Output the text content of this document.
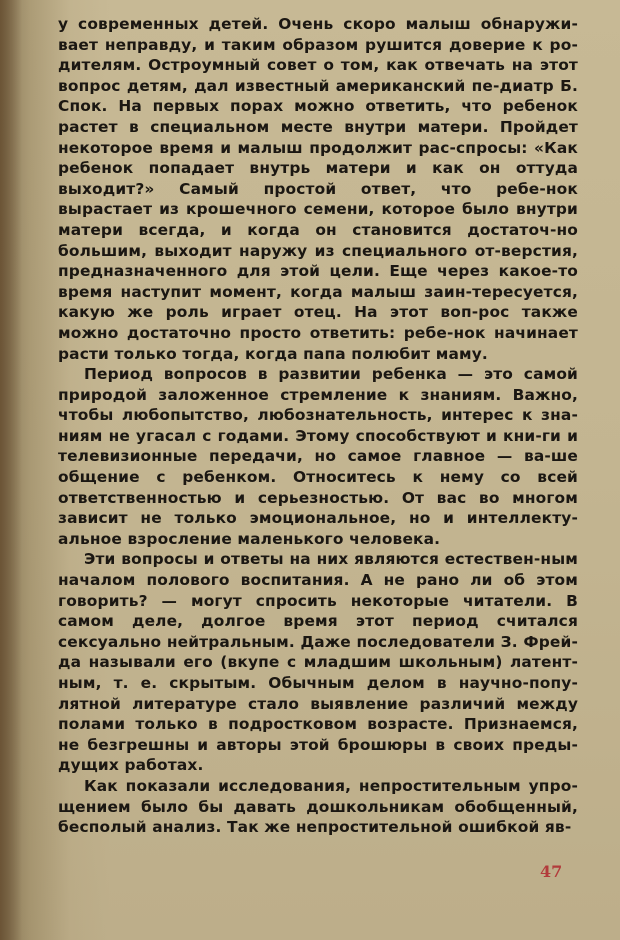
у современных детей. Очень скоро малыш обнаружи-вает неправду, и таким образом рушится доверие к ро-дителям. Остроумный совет о том, как отвечать на этот вопрос детям, дал известный американский пе-диатр Б. Спок. На первых порах можно ответить, что ребенок растет в специальном месте внутри матери. Пройдет некоторое время и малыш продолжит рас-спросы: «Как ребенок попадает внутрь матери и как он оттуда выходит?» Самый простой ответ, что ребе-нок вырастает из крошечного семени, которое было внутри матери всегда, и когда он становится достаточ-но большим, выходит наружу из специального от-верстия, предназначенного для этой цели. Еще через какое-то время наступит момент, когда малыш заин-тересуется, какую же роль играет отец. На этот воп-рос также можно достаточно просто ответить: ребе-нок начинает расти только тогда, когда папа полюбит маму.

Период вопросов в развитии ребенка — это самой природой заложенное стремление к знаниям. Важно, чтобы любопытство, любознательность, интерес к зна-ниям не угасал с годами. Этому способствуют и кни-ги и телевизионные передачи, но самое главное — ва-ше общение с ребенком. Относитесь к нему со всей ответственностью и серьезностью. От вас во многом зависит не только эмоциональное, но и интеллекту-альное взросление маленького человека.

Эти вопросы и ответы на них являются естествен-ным началом полового воспитания. А не рано ли об этом говорить? — могут спросить некоторые читатели. В самом деле, долгое время этот период считался сексуально нейтральным. Даже последователи З. Фрей-да называли его (вкупе с младшим школьным) латент-ным, т. е. скрытым. Обычным делом в научно-попу-лятной литературе стало выявление различий между полами только в подростковом возрасте. Признаемся, не безгрешны и авторы этой брошюры в своих преды-дущих работах.

Как показали исследования, непростительным упро-щением было бы давать дошкольникам обобщенный, бесполый анализ. Так же непростительной ошибкой яв-

47
